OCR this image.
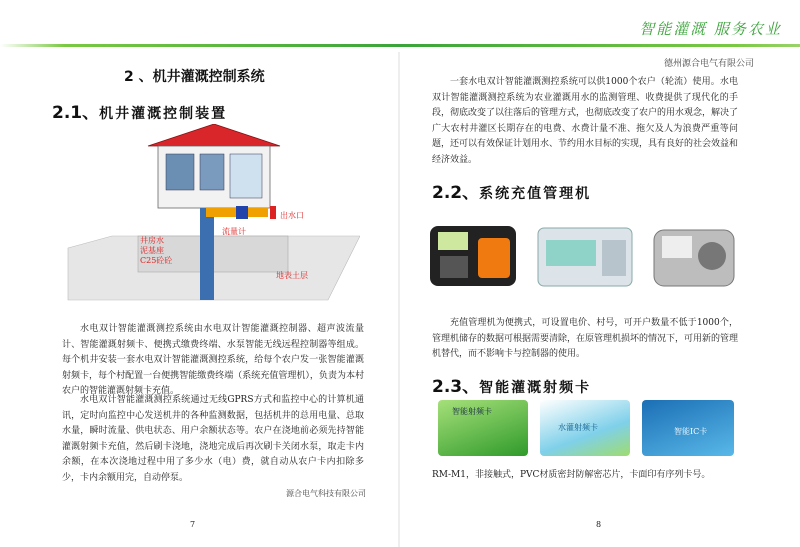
智能灌溉 服务农业
德州源合电气有限公司
2 、机井灌溉控制系统
2.1、机井灌溉控制装置
出水口
流量计
井房水
泥基座
C25砼砼
地表土层
水电双计智能灌溉测控系统由水电双计智能灌溉控制器、超声波流量计、智能灌溉射频卡、便携式缴费终端、水泵智能无线远程控制器等组成。每个机井安装一套水电双计智能灌溉测控系统，给每个农户发一张智能灌溉射频卡，每个村配置一台便携智能缴费终端（系统充值管理机），负责为本村农户的智能灌溉射频卡充值。
水电双计智能灌溉测控系统通过无线GPRS方式和监控中心的计算机通讯，定时向监控中心发送机井的各种监测数据，包括机井的总用电量、总取水量，瞬时流量、供电状态、用户余额状态等。农户在浇地前必须先持智能灌溉射频卡充值，然后刷卡浇地，浇地完成后再次刷卡关闭水泵，取走卡内余额，在本次浇地过程中用了多少水（电）费，就自动从农户卡内扣除多少，卡内余额用完，自动停泵。
源合电气科技有限公司
7
一套水电双计智能灌溉测控系统可以供1000个农户（轮流）使用。水电双计智能灌溉测控系统为农业灌溉用水的监测管理、收费提供了现代化的手段，彻底改变了以往落后的管理方式，也彻底改变了农户的用水观念，解决了广大农村井灌区长期存在的电费、水费计量不准、拖欠及人为浪费严重等问题，还可以有效保证计划用水、节约用水目标的实现，具有良好的社会效益和经济效益。
2.2、系统充值管理机
充值管理机为便携式，可设置电价、村号，可开户数量不低于1000个，管理机储存的数据可根据需要清除，在原管理机损坏的情况下，可用新的管理机替代，而不影响卡与控制器的使用。
2.3、智能灌溉射频卡
智能射频卡
水灌射频卡	智能IC卡
RM-M1，非接触式，PVC材质密封防解密芯片，卡面印有序列卡号。
8
